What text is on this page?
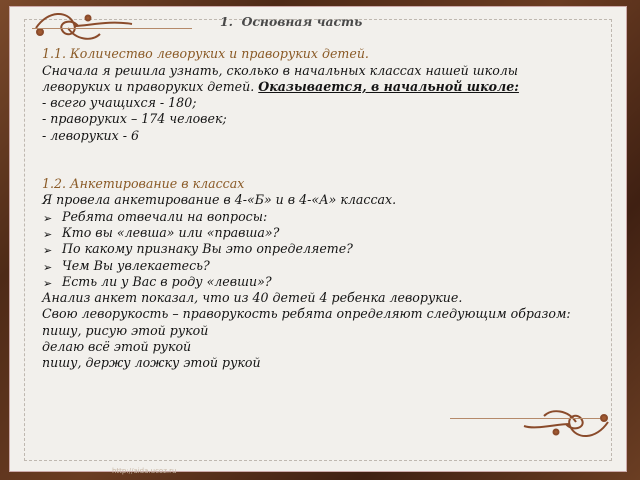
1. Основная часть
1.1. Количество леворуких и праворуких детей.
Сначала я решила узнать, сколько в начальных классах нашей школы леворуких и праворуких детей. Оказывается, в начальной школе:
- всего учащихся - 180;
- праворуких – 174 человек;
- леворуких - 6
1.2. Анкетирование в классах
Я провела анкетирование в 4-«Б» и в 4-«А» классах.
➢ Ребята отвечали на вопросы:
➢ Кто вы «левша» или «правша»?
➢ По какому признаку Вы это определяете?
➢ Чем Вы увлекаетесь?
➢ Есть ли у Вас в роду «левши»?
Анализ анкет показал, что из 40 детей 4 ребенка леворукие.
Свою леворукость – праворукость ребята определяют следующим образом:
пишу, рисую этой рукой
делаю всё этой рукой
пишу, держу ложку этой рукой
http://aida.ucoz.ru
